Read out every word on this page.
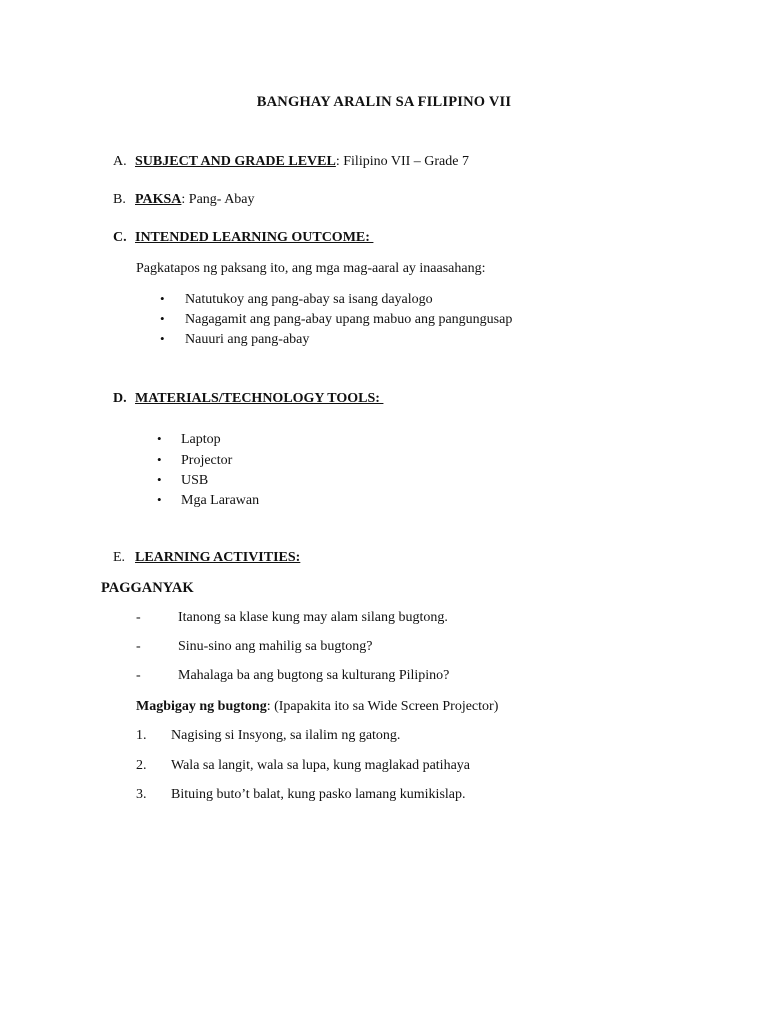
BANGHAY ARALIN SA FILIPINO VII
A. SUBJECT AND GRADE LEVEL: Filipino VII – Grade 7
B. PAKSA: Pang- Abay
C. INTENDED LEARNING OUTCOME:
Pagkatapos ng paksang ito, ang mga mag-aaral ay inaasahang:
• Natutukoy ang pang-abay sa isang dayalogo
• Nagagamit ang pang-abay upang mabuo ang pangungusap
• Nauuri ang pang-abay
D. MATERIALS/TECHNOLOGY TOOLS:
• Laptop
• Projector
• USB
• Mga Larawan
E. LEARNING ACTIVITIES:
PAGGANYAK
-	Itanong sa klase kung may alam silang bugtong.
-	Sinu-sino ang mahilig sa bugtong?
-	Mahalaga ba ang bugtong sa kulturang Pilipino?
Magbigay ng bugtong: (Ipapakita ito sa Wide Screen Projector)
1. Nagising si Insyong, sa ilalim ng gatong.
2. Wala sa langit, wala sa lupa, kung maglakad patihaya
3. Bituing buto’t balat, kung pasko lamang kumikislap.
